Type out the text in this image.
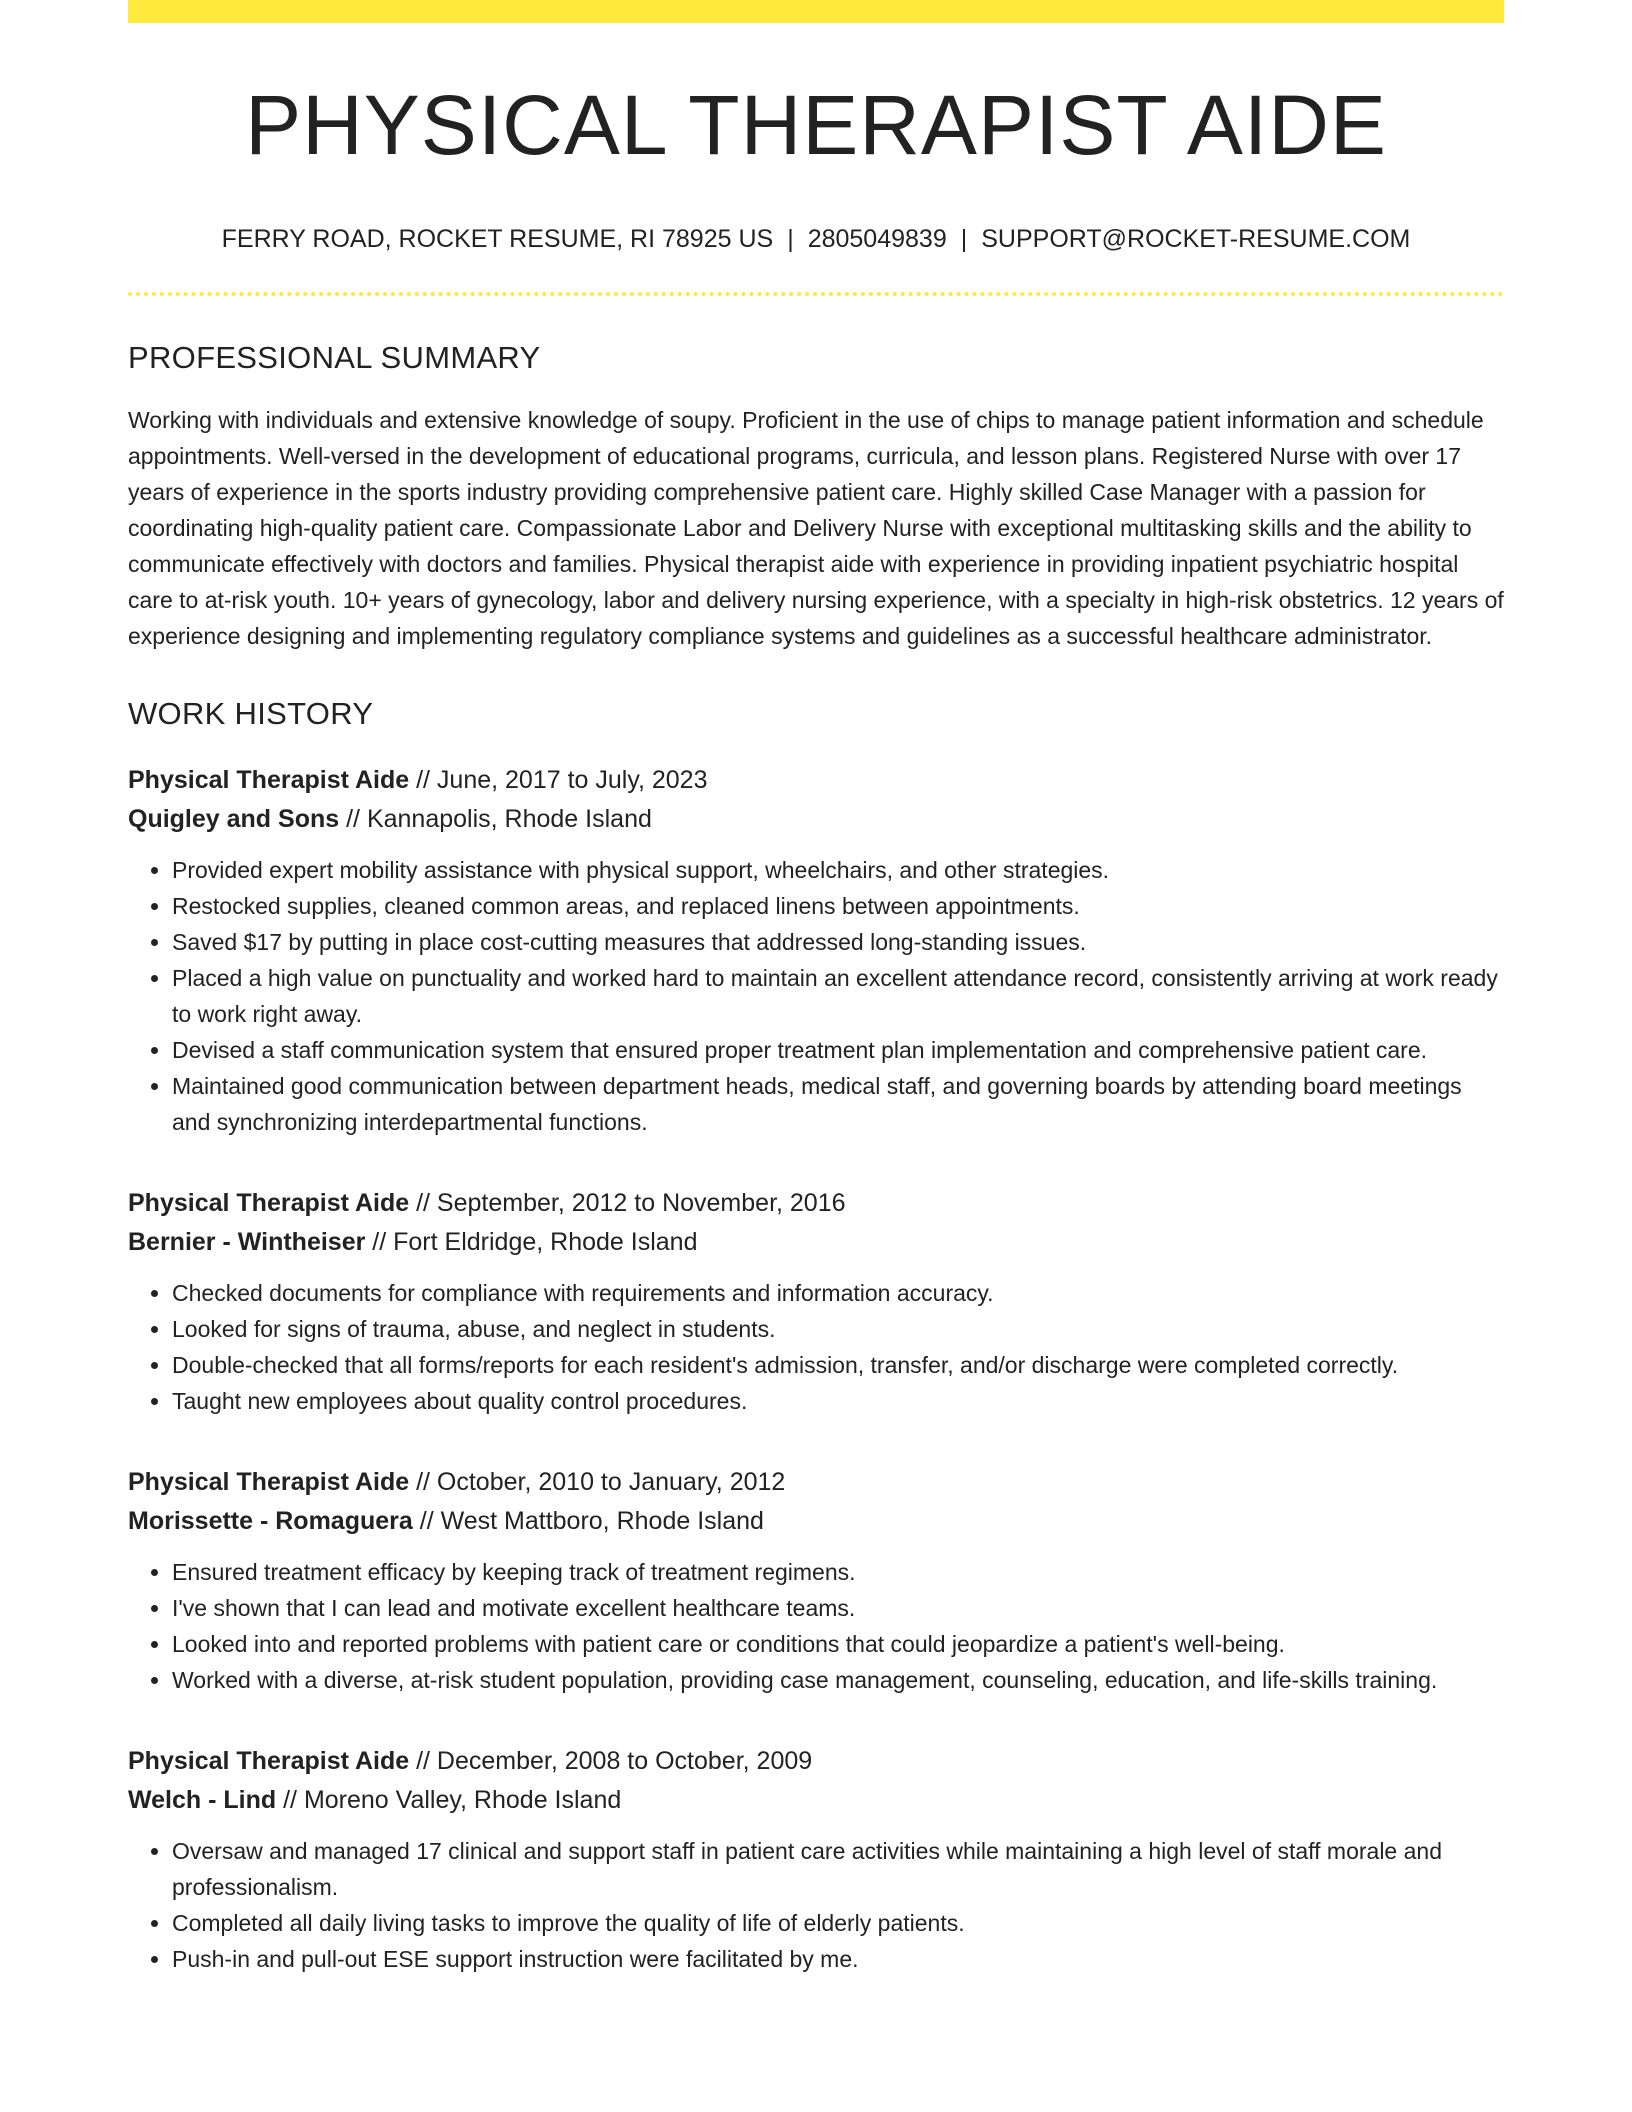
PHYSICAL THERAPIST AIDE
FERRY ROAD, ROCKET RESUME, RI 78925 US | 2805049839 | SUPPORT@ROCKET-RESUME.COM
PROFESSIONAL SUMMARY
Working with individuals and extensive knowledge of soupy. Proficient in the use of chips to manage patient information and schedule appointments. Well-versed in the development of educational programs, curricula, and lesson plans. Registered Nurse with over 17 years of experience in the sports industry providing comprehensive patient care. Highly skilled Case Manager with a passion for coordinating high-quality patient care. Compassionate Labor and Delivery Nurse with exceptional multitasking skills and the ability to communicate effectively with doctors and families. Physical therapist aide with experience in providing inpatient psychiatric hospital care to at-risk youth. 10+ years of gynecology, labor and delivery nursing experience, with a specialty in high-risk obstetrics. 12 years of experience designing and implementing regulatory compliance systems and guidelines as a successful healthcare administrator.
WORK HISTORY
Physical Therapist Aide // June, 2017 to July, 2023
Quigley and Sons // Kannapolis, Rhode Island
• Provided expert mobility assistance with physical support, wheelchairs, and other strategies.
• Restocked supplies, cleaned common areas, and replaced linens between appointments.
• Saved $17 by putting in place cost-cutting measures that addressed long-standing issues.
• Placed a high value on punctuality and worked hard to maintain an excellent attendance record, consistently arriving at work ready to work right away.
• Devised a staff communication system that ensured proper treatment plan implementation and comprehensive patient care.
• Maintained good communication between department heads, medical staff, and governing boards by attending board meetings and synchronizing interdepartmental functions.
Physical Therapist Aide // September, 2012 to November, 2016
Bernier - Wintheiser // Fort Eldridge, Rhode Island
• Checked documents for compliance with requirements and information accuracy.
• Looked for signs of trauma, abuse, and neglect in students.
• Double-checked that all forms/reports for each resident's admission, transfer, and/or discharge were completed correctly.
• Taught new employees about quality control procedures.
Physical Therapist Aide // October, 2010 to January, 2012
Morissette - Romaguera // West Mattboro, Rhode Island
• Ensured treatment efficacy by keeping track of treatment regimens.
• I've shown that I can lead and motivate excellent healthcare teams.
• Looked into and reported problems with patient care or conditions that could jeopardize a patient's well-being.
• Worked with a diverse, at-risk student population, providing case management, counseling, education, and life-skills training.
Physical Therapist Aide // December, 2008 to October, 2009
Welch - Lind // Moreno Valley, Rhode Island
• Oversaw and managed 17 clinical and support staff in patient care activities while maintaining a high level of staff morale and professionalism.
• Completed all daily living tasks to improve the quality of life of elderly patients.
• Push-in and pull-out ESE support instruction were facilitated by me.
